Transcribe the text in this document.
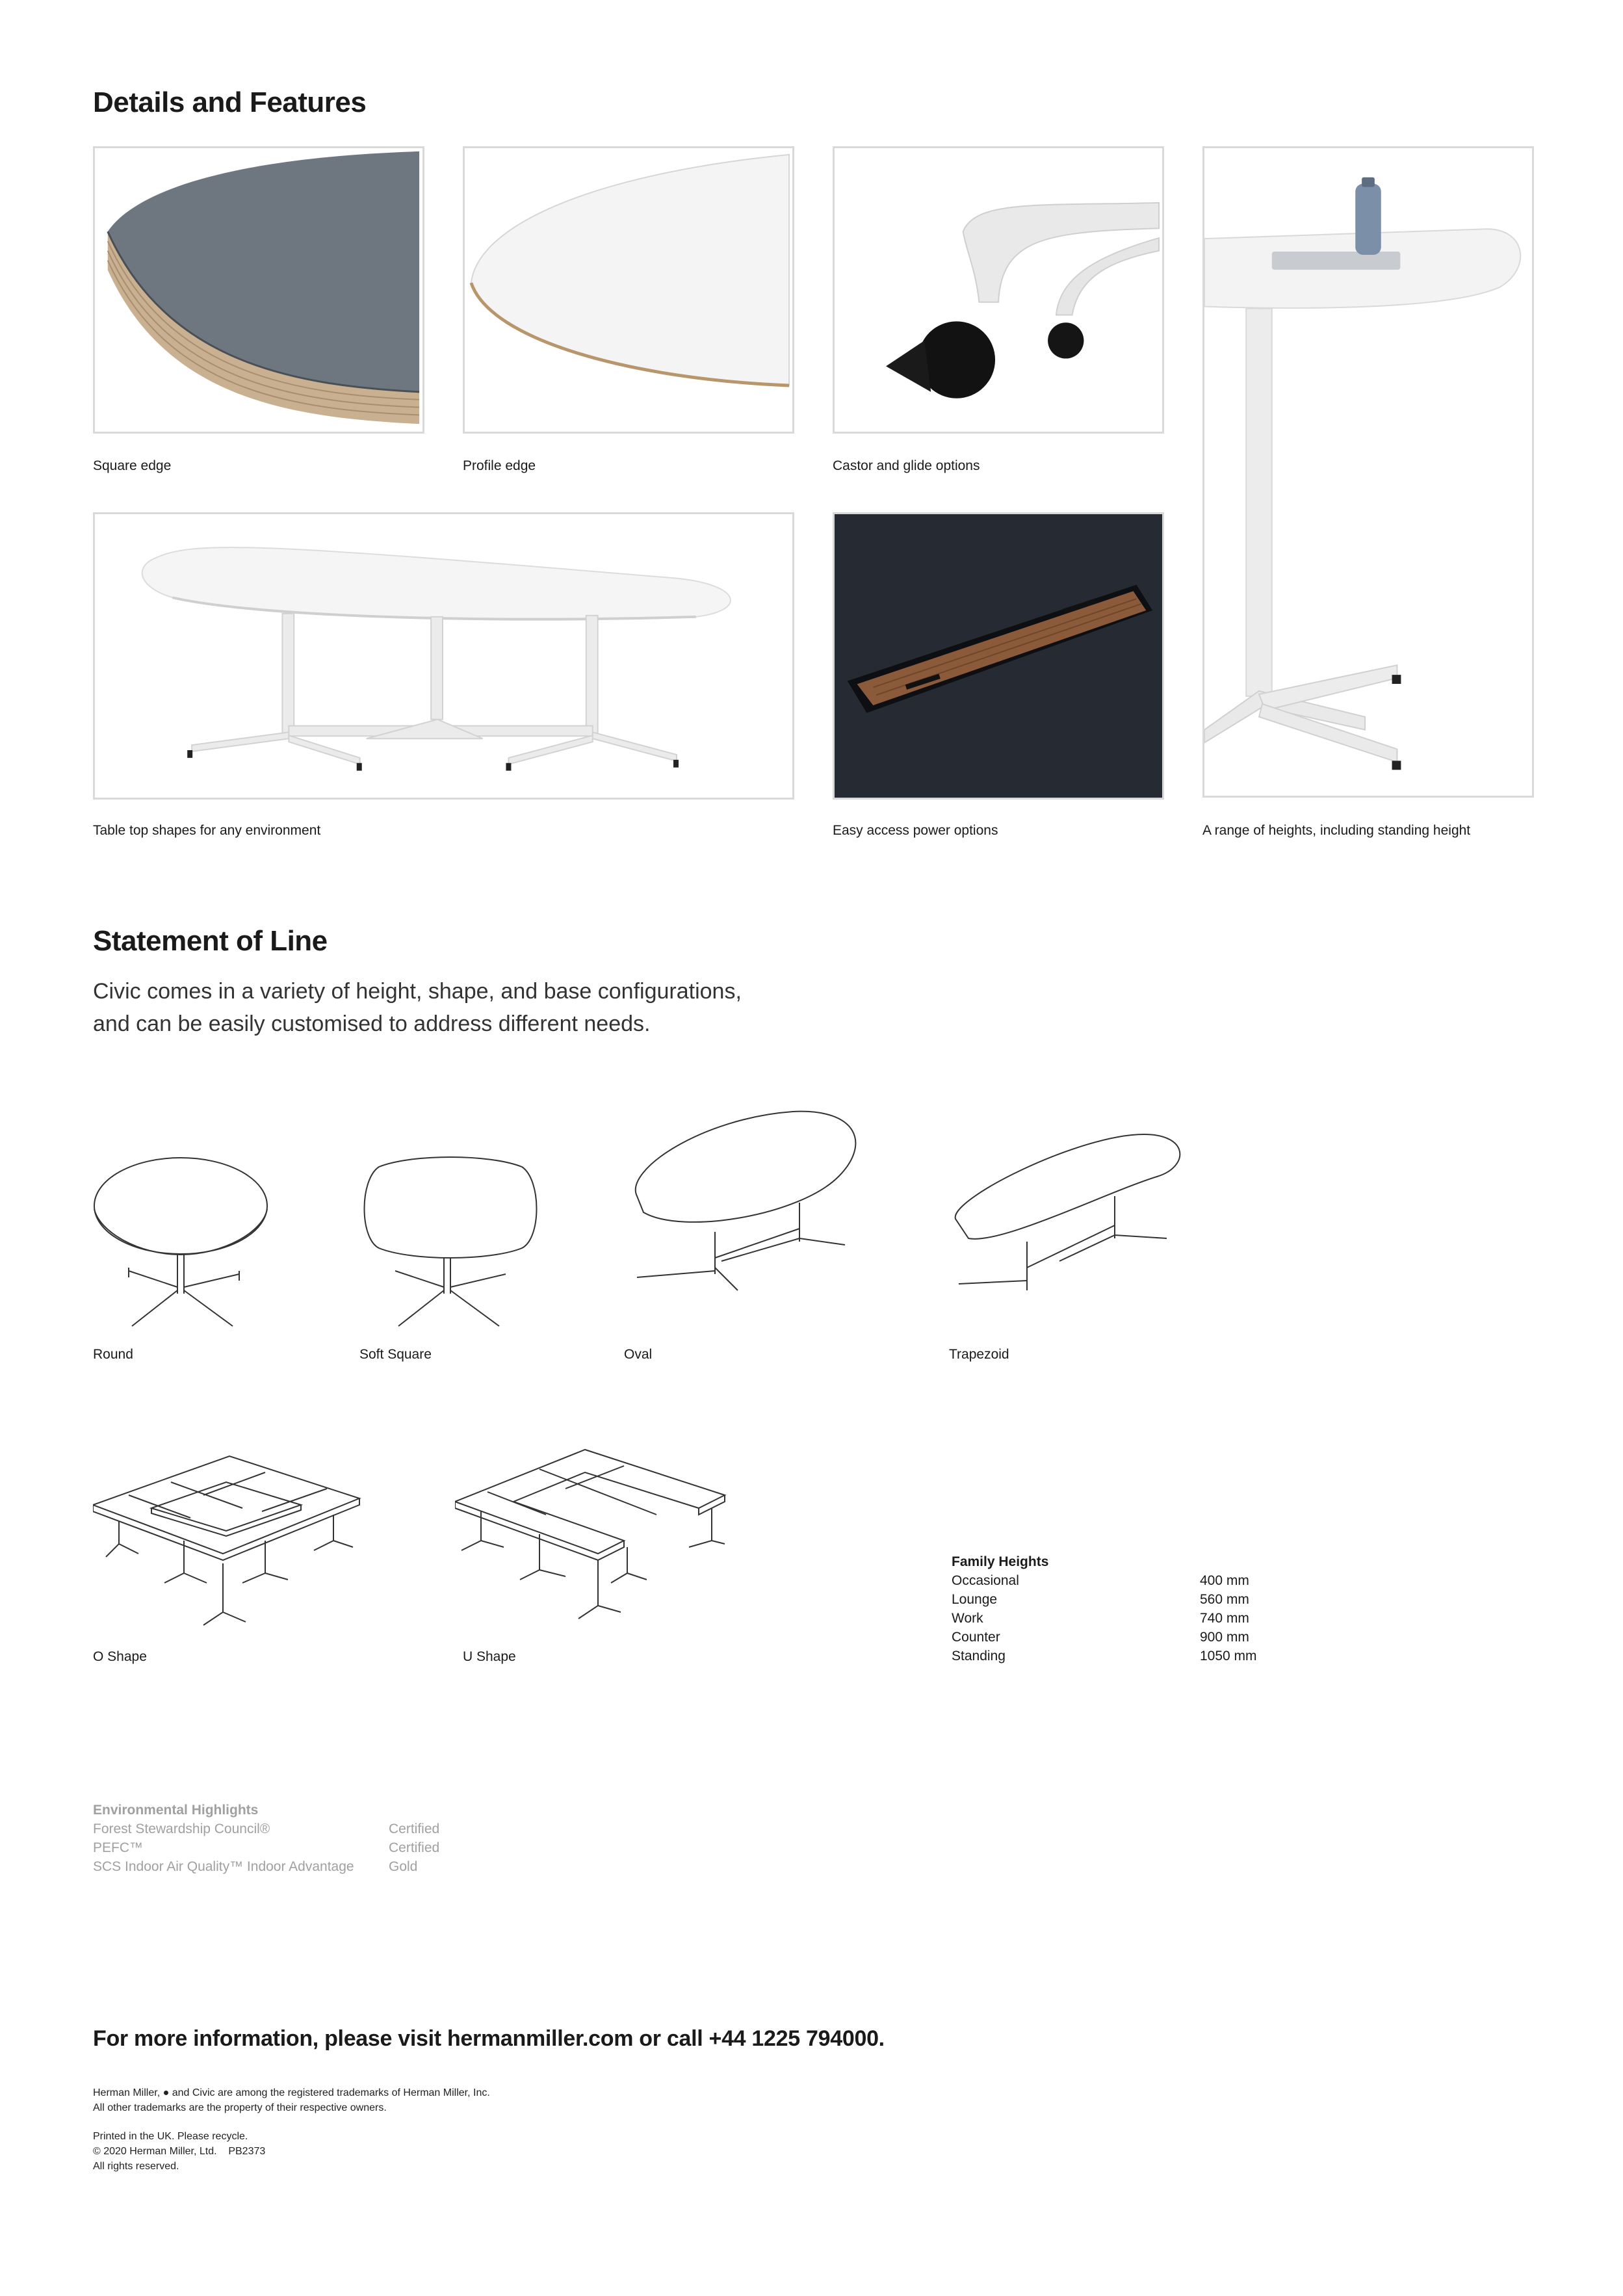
Details and Features
Square edge	Profile edge	Castor and glide options
A range of heights, including standing height
Table top shapes for any environment	Easy access power options
Statement of Line
Civic comes in a variety of height, shape, and base configurations,
and can be easily customised to address different needs.
Round	Soft Square	Oval	Trapezoid
O Shape	U Shape
Family Heights
Occasional	400 mm
Lounge	560 mm
Work	740 mm
Counter	900 mm
Standing	1050 mm
Environmental Highlights
Forest Stewardship Council®	Certified
PEFC™	Certified
SCS Indoor Air Quality™ Indoor Advantage	Gold
For more information, please visit hermanmiller.com or call +44 1225 794000.
Herman Miller, ● and Civic are among the registered trademarks of Herman Miller, Inc.
All other trademarks are the property of their respective owners.
Printed in the UK. Please recycle.
© 2020 Herman Miller, Ltd.    PB2373
All rights reserved.
